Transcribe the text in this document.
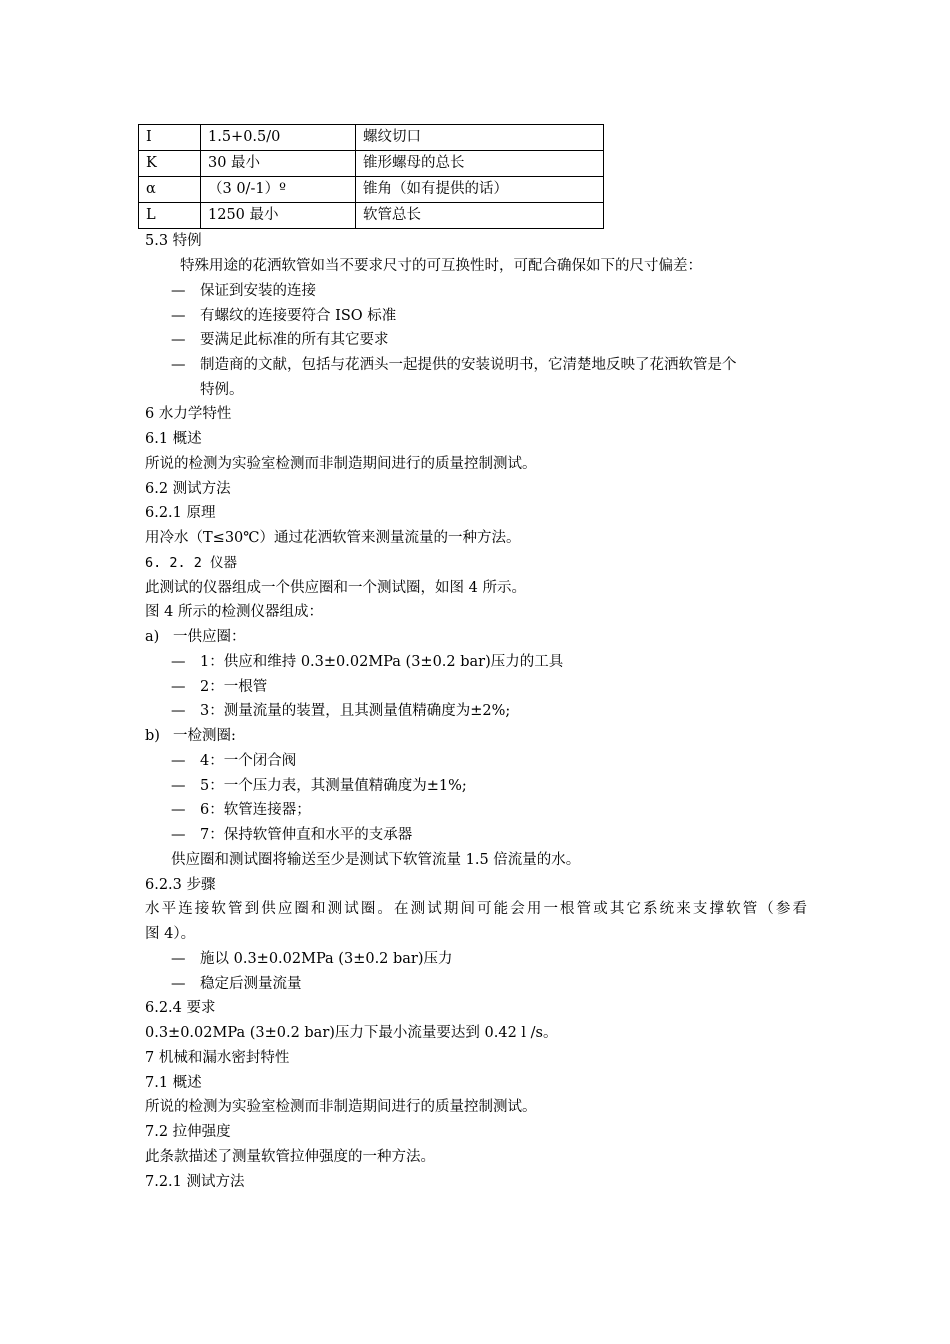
I	1.5+0.5/0	螺纹切口
K	30 最小	锥形螺母的总长
α	（3 0/-1）º	锥角（如有提供的话）
L	1250 最小	软管总长
5.3 特例
特殊用途的花洒软管如当不要求尺寸的可互换性时，可配合确保如下的尺寸偏差：
— 保证到安装的连接
— 有螺纹的连接要符合 ISO 标准
— 要满足此标准的所有其它要求
— 制造商的文献，包括与花洒头一起提供的安装说明书，它清楚地反映了花洒软管是个
特例。
6 水力学特性
6.1 概述
所说的检测为实验室检测而非制造期间进行的质量控制测试。
6.2 测试方法
6.2.1 原理
用冷水（T≤30℃）通过花洒软管来测量流量的一种方法。
6. 2. 2 仪器
此测试的仪器组成一个供应圈和一个测试圈，如图 4 所示。
图 4 所示的检测仪器组成：
a) 一供应圈：
— 1：供应和维持 0.3±0.02MPa (3±0.2 bar)压力的工具
— 2：一根管
— 3：测量流量的装置，且其测量值精确度为±2%;
b) 一检测圈:
— 4：一个闭合阀
— 5：一个压力表，其测量值精确度为±1%;
— 6：软管连接器；
— 7：保持软管伸直和水平的支承器
供应圈和测试圈将输送至少是测试下软管流量 1.5 倍流量的水。
6.2.3 步骤
水平连接软管到供应圈和测试圈。在测试期间可能会用一根管或其它系统来支撑软管（参看
图 4）。
— 施以 0.3±0.02MPa (3±0.2 bar)压力
— 稳定后测量流量
6.2.4 要求
0.3±0.02MPa (3±0.2 bar)压力下最小流量要达到 0.42 l /s。
7 机械和漏水密封特性
7.1 概述
所说的检测为实验室检测而非制造期间进行的质量控制测试。
7.2 拉伸强度
此条款描述了测量软管拉伸强度的一种方法。
7.2.1 测试方法
